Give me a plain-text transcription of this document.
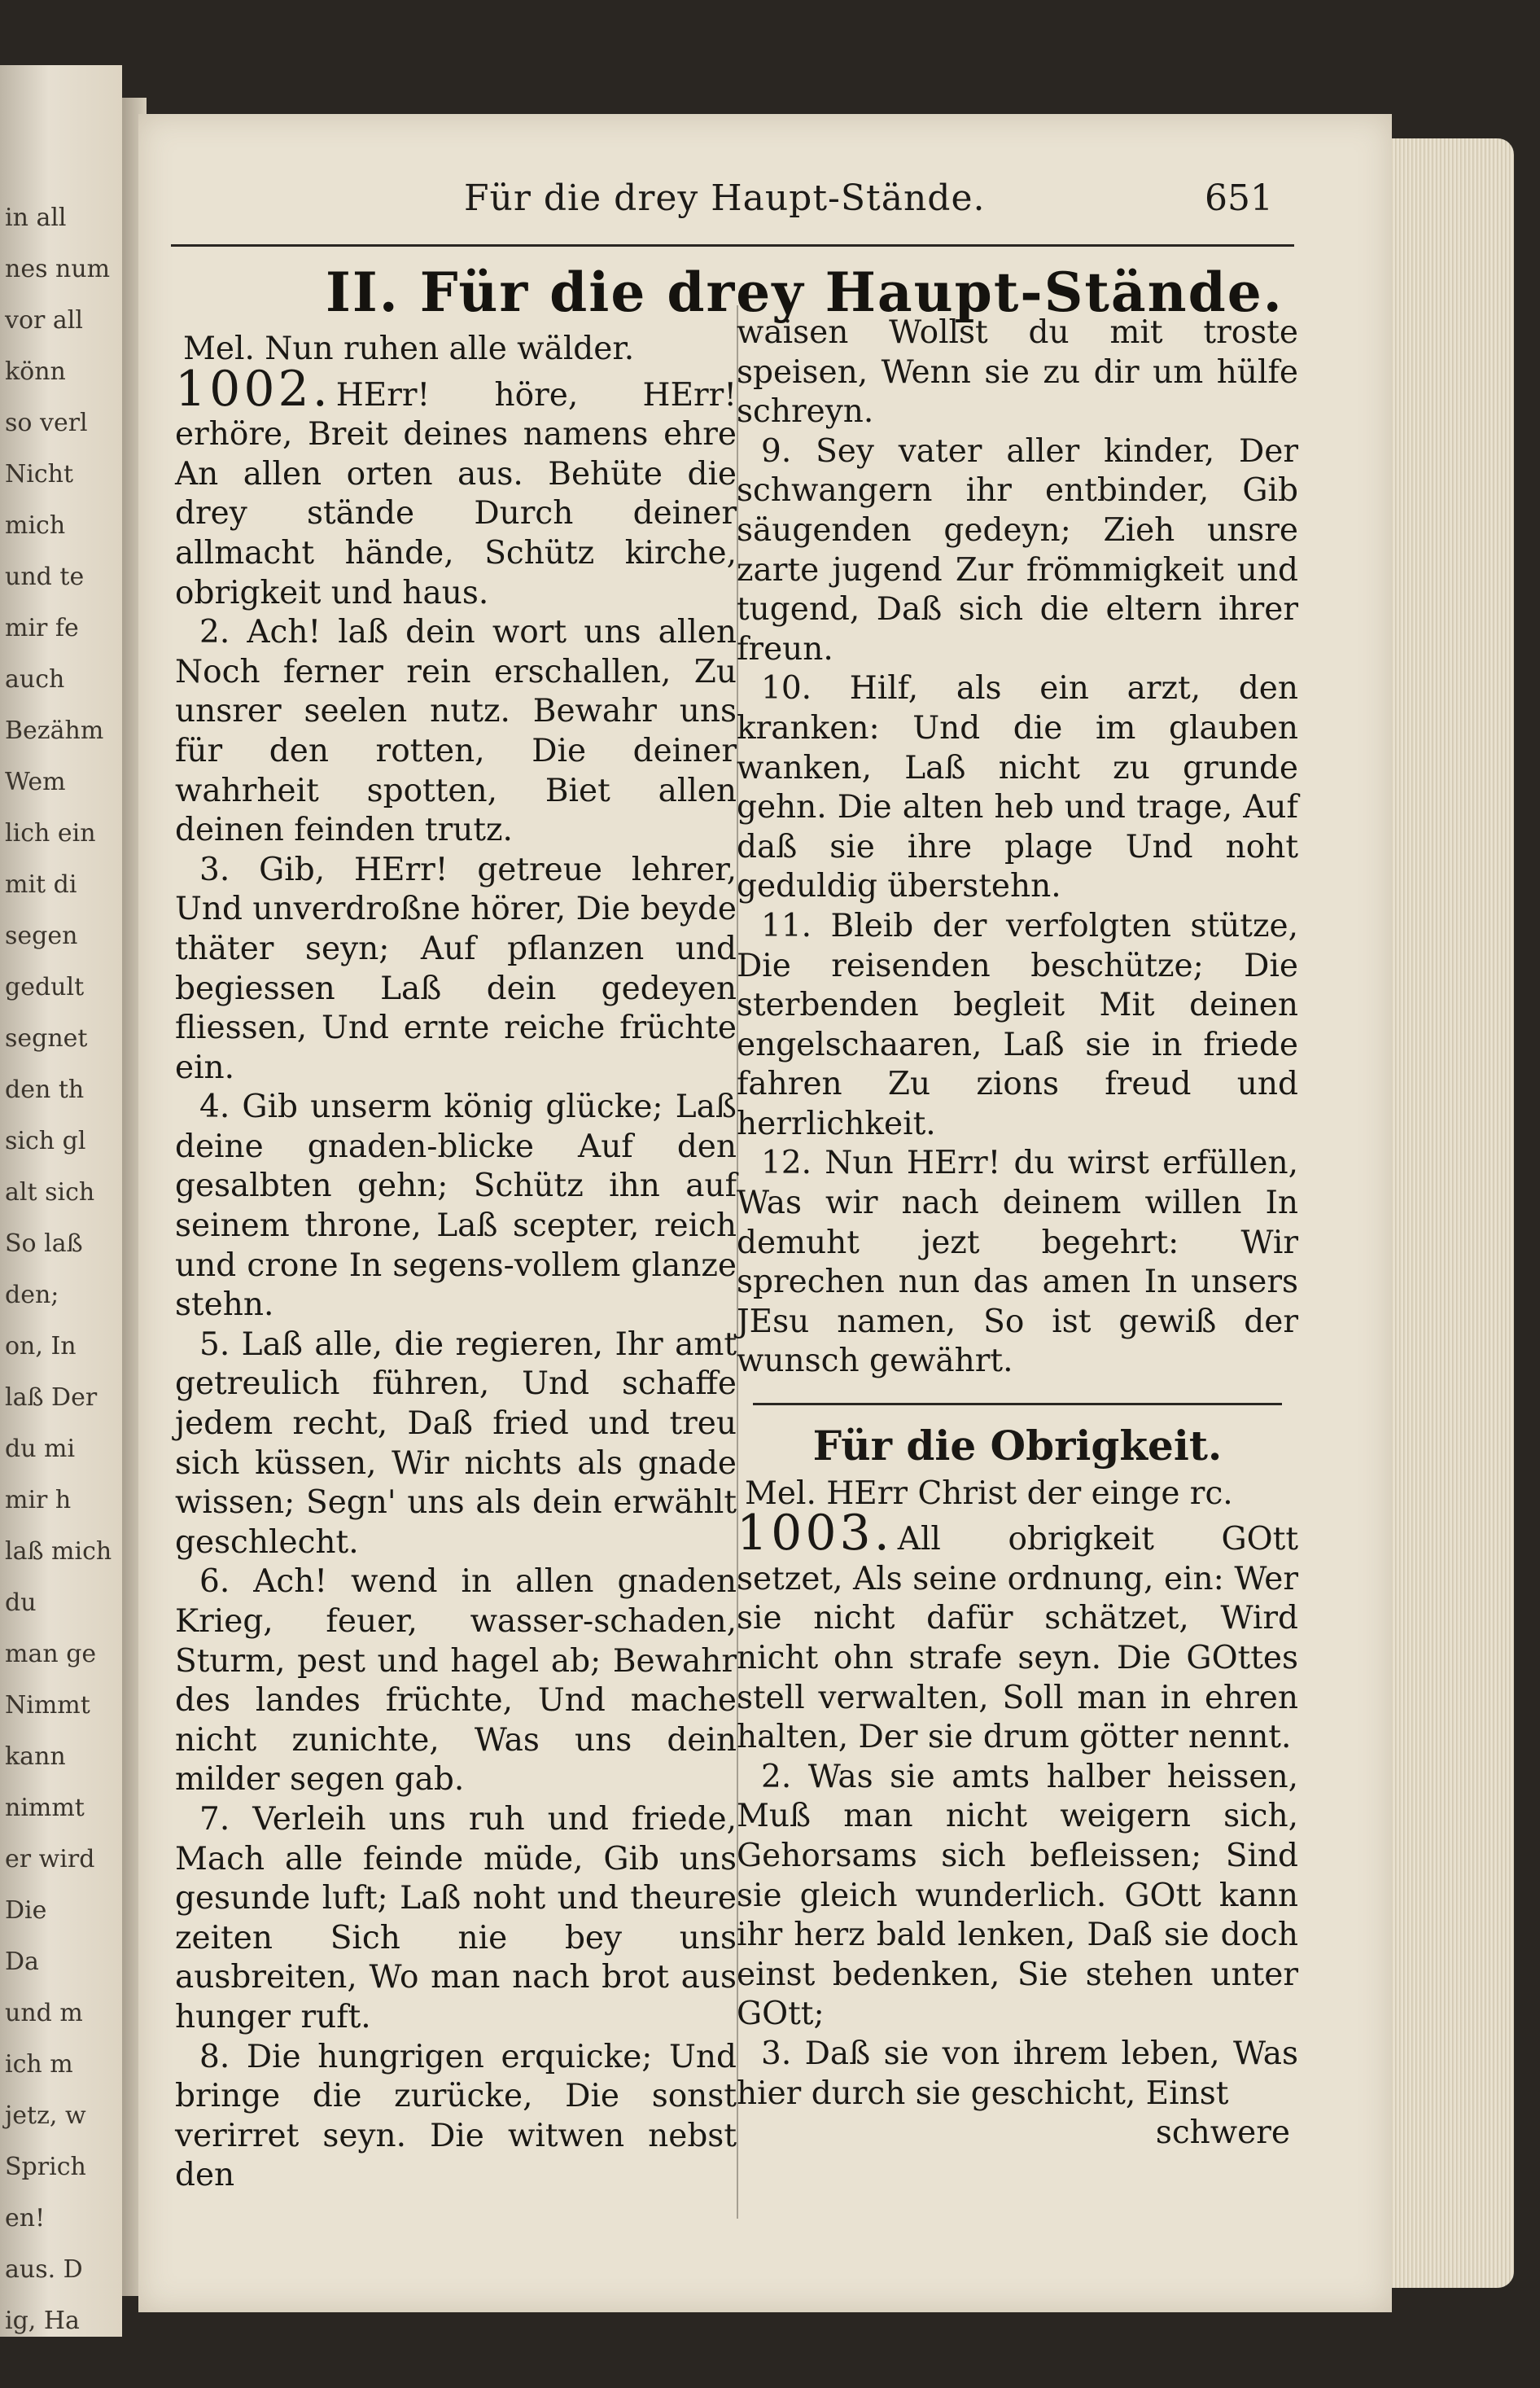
in all
nes num
vor all
könn
so verl
Nicht
mich
und te
mir fe
auch
Bezähm
Wem
lich ein
mit di
segen
gedult
segnet
den th
sich gl
alt sich
So laß
den;
on, In
laß Der
du mi
mir h
laß mich
du
man ge
Nimmt
kann
nimmt
er wird
Die
Da
und m
ich m
jetz, w
Sprich
en!
aus. D
ig, Ha
Für die drey Haupt-Stände.	651
II. Für die drey Haupt-Stände.
Mel. Nun ruhen alle wälder.
1002. HErr! höre, HErr! erhöre, Breit deines namens ehre An allen orten aus. Behüte die drey stände Durch deiner allmacht hände, Schütz kirche, obrigkeit und haus.
2. Ach! laß dein wort uns allen Noch ferner rein erschallen, Zu unsrer seelen nutz. Bewahr uns für den rotten, Die deiner wahrheit spotten, Biet allen deinen feinden trutz.
3. Gib, HErr! getreue lehrer, Und unverdroßne hörer, Die beyde thäter seyn; Auf pflanzen und begiessen Laß dein gedeyen fliessen, Und ernte reiche früchte ein.
4. Gib unserm könig glücke; Laß deine gnaden-blicke Auf den gesalbten gehn; Schütz ihn auf seinem throne, Laß scepter, reich und crone In segens-vollem glanze stehn.
5. Laß alle, die regieren, Ihr amt getreulich führen, Und schaffe jedem recht, Daß fried und treu sich küssen, Wir nichts als gnade wissen; Segn' uns als dein erwählt geschlecht.
6. Ach! wend in allen gnaden Krieg, feuer, wasser-schaden, Sturm, pest und hagel ab; Bewahr des landes früchte, Und mache nicht zunichte, Was uns dein milder segen gab.
7. Verleih uns ruh und friede, Mach alle feinde müde, Gib uns gesunde luft; Laß noht und theure zeiten Sich nie bey uns ausbreiten, Wo man nach brot aus hunger ruft.
8. Die hungrigen erquicke; Und bringe die zurücke, Die sonst verirret seyn. Die witwen nebst den
waisen Wollst du mit troste speisen, Wenn sie zu dir um hülfe schreyn.
9. Sey vater aller kinder, Der schwangern ihr entbinder, Gib säugenden gedeyn; Zieh unsre zarte jugend Zur frömmigkeit und tugend, Daß sich die eltern ihrer freun.
10. Hilf, als ein arzt, den kranken: Und die im glauben wanken, Laß nicht zu grunde gehn. Die alten heb und trage, Auf daß sie ihre plage Und noht geduldig überstehn.
11. Bleib der verfolgten stütze, Die reisenden beschütze; Die sterbenden begleit Mit deinen engelschaaren, Laß sie in friede fahren Zu zions freud und herrlichkeit.
12. Nun HErr! du wirst erfüllen, Was wir nach deinem willen In demuht jezt begehrt: Wir sprechen nun das amen In unsers JEsu namen, So ist gewiß der wunsch gewährt.
Für die Obrigkeit.
Mel. HErr Christ der einge rc.
1003. All obrigkeit GOtt setzet, Als seine ordnung, ein: Wer sie nicht dafür schätzet, Wird nicht ohn strafe seyn. Die GOttes stell verwalten, Soll man in ehren halten, Der sie drum götter nennt.
2. Was sie amts halber heissen, Muß man nicht weigern sich, Gehorsams sich befleissen; Sind sie gleich wunderlich. GOtt kann ihr herz bald lenken, Daß sie doch einst bedenken, Sie stehen unter GOtt;
3. Daß sie von ihrem leben, Was hier durch sie geschicht, Einst
schwere
